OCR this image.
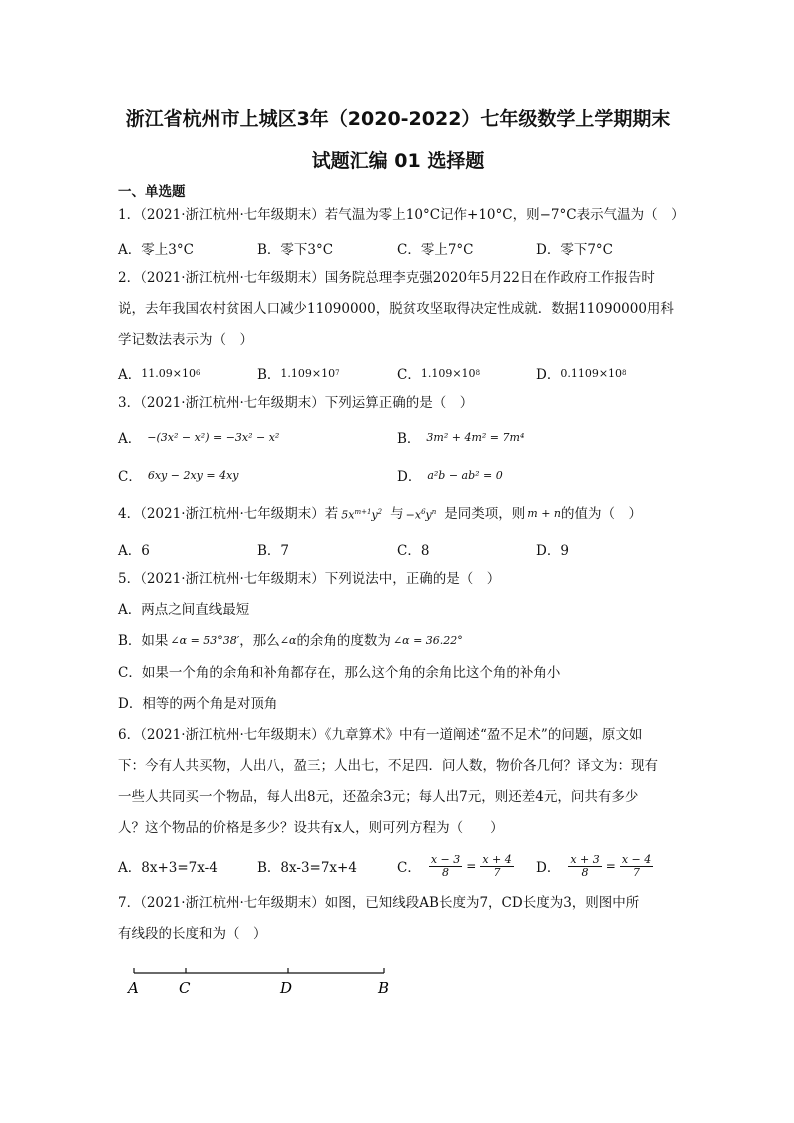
浙江省杭州市上城区3年（2020-2022）七年级数学上学期期末
试题汇编 01 选择题
一、单选题
1．（2021·浙江杭州·七年级期末）若气温为零上10°C记作+10°C，则−7°C表示气温为（　）
A．零上3°C	B．零下3°C	C．零上7°C	D．零下7°C
2．（2021·浙江杭州·七年级期末）国务院总理李克强2020年5月22日在作政府工作报告时
说，去年我国农村贫困人口减少11090000，脱贫攻坚取得决定性成就．数据11090000用科
学记数法表示为（　）
A． 11.09×10 6	B． 1.109×10 7	C． 1.109×10 8	D． 0.1109×10 8
3．（2021·浙江杭州·七年级期末）下列运算正确的是（　）
A． −(3x² − x²) = −3x² − x²	B． 3m² + 4m² = 7m⁴
C． 6xy − 2xy = 4xy	D． a²b − ab² = 0
4．（2021·浙江杭州·七年级期末）若 $5x^{m+1}y^2$ 与 $-x^6y^n$ 是同类项，则 m + n 的值为（　）
A．6	B．7	C．8	D．9
5．（2021·浙江杭州·七年级期末）下列说法中，正确的是（　）
A．两点之间直线最短
B．如果 ∠α = 53°38′ ，那么 ∠α 的余角的度数为 ∠α = 36.22°
C．如果一个角的余角和补角都存在，那么这个角的余角比这个角的补角小
D．相等的两个角是对顶角
6．（2021·浙江杭州·七年级期末）《九章算术》中有一道阐述“盈不足术”的问题，原文如
下：今有人共买物，人出八，盈三；人出七，不足四．问人数，物价各几何？译文为：现有
一些人共同买一个物品，每人出8元，还盈余3元；每人出7元，则还差4元，问共有多少
人？这个物品的价格是多少？设共有x人，则可列方程为（　　）
A．8x+3=7x-4	B．8x-3=7x+4	C． $\frac{x - 3}{8} = \frac{x + 4}{7}$ D． $\frac{x + 3}{8} = \frac{x - 4}{7}$
7．（2021·浙江杭州·七年级期末）如图，已知线段AB长度为7，CD长度为3，则图中所
有线段的长度和为（　）
A	C	D	B
